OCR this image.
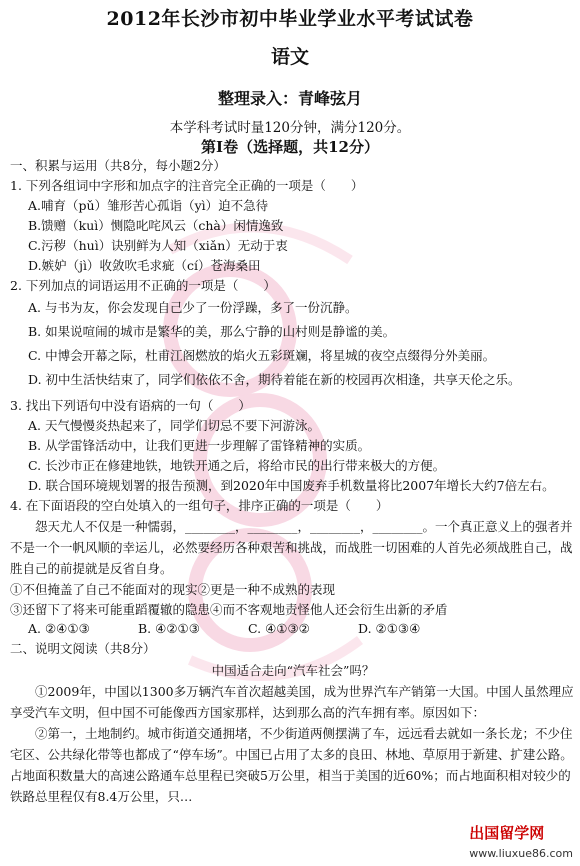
2012年长沙市初中毕业学业水平考试试卷
语文
整理录入：青峰弦月
本学科考试时量120分钟，满分120分。
第Ⅰ卷（选择题，共12分）
一、积累与运用（共8分，每小题2分）
1. 下列各组词中字形和加点字的注音完全正确的一项是（　　）
A.哺育（pǔ）雏形苦心孤诣（yì）迫不急待
B.馈赠（kuì）恻隐叱咤风云（chà）闲情逸致
C.污秽（huì）诀别鲜为人知（xiǎn）无动于衷
D.嫉妒（jì）收敛吹毛求疵（cí）苍海桑田
2. 下列加点的词语运用不正确的一项是（　　）
A. 与书为友，你会发现自己少了一份浮躁，多了一份沉静。
B. 如果说喧闹的城市是繁华的美，那么宁静的山村则是静谧的美。
C. 中博会开幕之际，杜甫江阁燃放的焰火五彩斑斓，将星城的夜空点缀得分外美丽。
D. 初中生活快结束了，同学们依依不舍，期待着能在新的校园再次相逢，共享天伦之乐。
3. 找出下列语句中没有语病的一句（　　）
A. 天气慢慢炎热起来了，同学们切忌不要下河游泳。
B. 从学雷锋活动中，让我们更进一步理解了雷锋精神的实质。
C. 长沙市正在修建地铁，地铁开通之后，将给市民的出行带来极大的方便。
D. 联合国环境规划署的报告预测，到2020年中国废弃手机数量将比2007年增长大约7倍左右。
4. 在下面语段的空白处填入的一组句子，排序正确的一项是（　　）
怨天尤人不仅是一种懦弱，________，________，________，________。一个真正意义上的强者并不是一个一帆风顺的幸运儿，必然要经历各种艰苦和挑战，而战胜一切困难的人首先必须战胜自己，战胜自己的前提就是反省自身。
①不但掩盖了自己不能面对的现实②更是一种不成熟的表现
③还留下了将来可能重蹈覆辙的隐患④而不客观地责怪他人还会衍生出新的矛盾
A. ②④①③	B. ④②①③	C. ④①③②	D. ②①③④
二、说明文阅读（共8分）
中国适合走向“汽车社会”吗？
①2009年，中国以1300多万辆汽车首次超越美国，成为世界汽车产销第一大国。中国人虽然理应享受汽车文明，但中国不可能像西方国家那样，达到那么高的汽车拥有率。原因如下：
②第一，土地制约。城市街道交通拥堵，不少街道两侧摆满了车，远远看去就如一条长龙；不少住宅区、公共绿化带等也都成了“停车场”。中国已占用了太多的良田、林地、草原用于新建、扩建公路。占地面积数量大的高速公路通车总里程已突破5万公里，相当于美国的近60%；而占地面积相对较少的铁路总里程仅有8.4万公里，只…
出国留学网
www.liuxue86.com
